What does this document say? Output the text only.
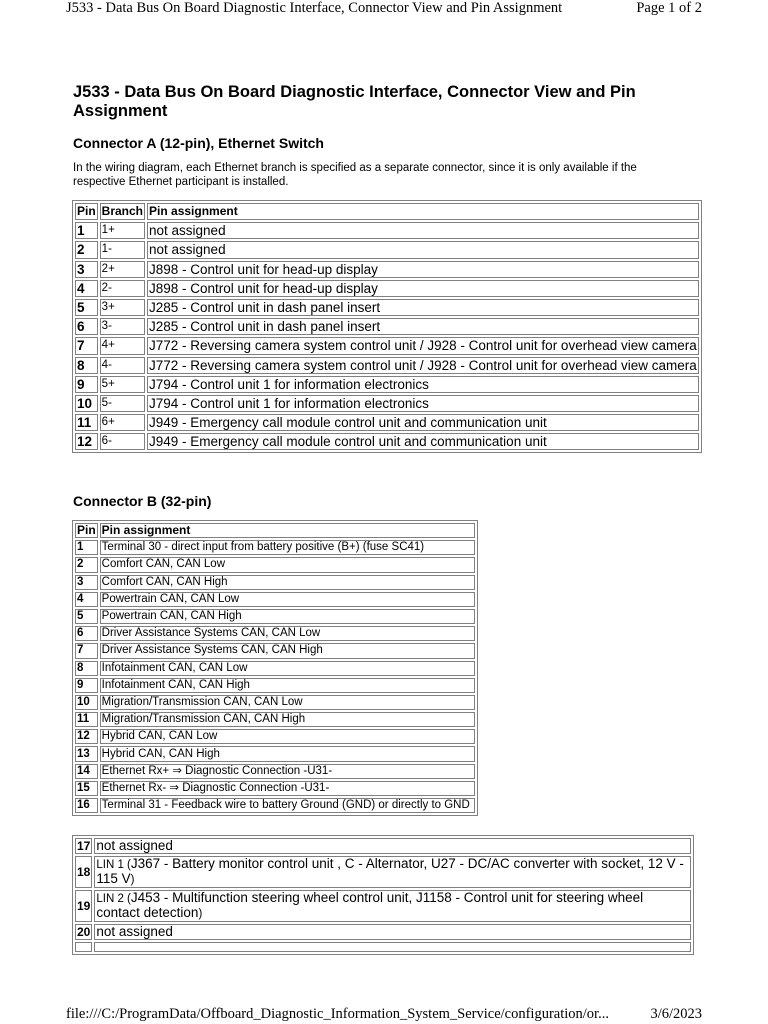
J533 - Data Bus On Board Diagnostic Interface, Connector View and Pin Assignment	Page 1 of 2
J533 - Data Bus On Board Diagnostic Interface, Connector View and Pin Assignment
Connector A (12-pin), Ethernet Switch

In the wiring diagram, each Ethernet branch is specified as a separate connector, since it is only available if the respective Ethernet participant is installed.

Pin	Branch	Pin assignment
1	1+	not assigned
2	1-	not assigned
3	2+	J898 - Control unit for head-up display
4	2-	J898 - Control unit for head-up display
5	3+	J285 - Control unit in dash panel insert
6	3-	J285 - Control unit in dash panel insert
7	4+	J772 - Reversing camera system control unit / J928 - Control unit for overhead view camera
8	4-	J772 - Reversing camera system control unit / J928 - Control unit for overhead view camera
9	5+	J794 - Control unit 1 for information electronics
10	5-	J794 - Control unit 1 for information electronics
11	6+	J949 - Emergency call module control unit and communication unit
12	6-	J949 - Emergency call module control unit and communication unit
Connector B (32-pin)
Pin	Pin assignment
1	Terminal 30 - direct input from battery positive (B+) (fuse SC41)
2	Comfort CAN, CAN Low
3	Comfort CAN, CAN High
4	Powertrain CAN, CAN Low
5	Powertrain CAN, CAN High
6	Driver Assistance Systems CAN, CAN Low
7	Driver Assistance Systems CAN, CAN High
8	Infotainment CAN, CAN Low
9	Infotainment CAN, CAN High
10	Migration/Transmission CAN, CAN Low
11	Migration/Transmission CAN, CAN High
12	Hybrid CAN, CAN Low
13	Hybrid CAN, CAN High
14	Ethernet Rx+ ⇒ Diagnostic Connection -U31-
15	Ethernet Rx- ⇒ Diagnostic Connection -U31-
16	Terminal 31 - Feedback wire to battery Ground (GND) or directly to GND
17	not assigned
18	LIN 1 (J367 - Battery monitor control unit , C - Alternator, U27 - DC/AC converter with socket, 12 V - 115 V)
19	LIN 2 (J453 - Multifunction steering wheel control unit, J1158 - Control unit for steering wheel contact detection)
20	not assigned

file:///C:/ProgramData/Offboard_Diagnostic_Information_System_Service/configuration/or...	3/6/2023
